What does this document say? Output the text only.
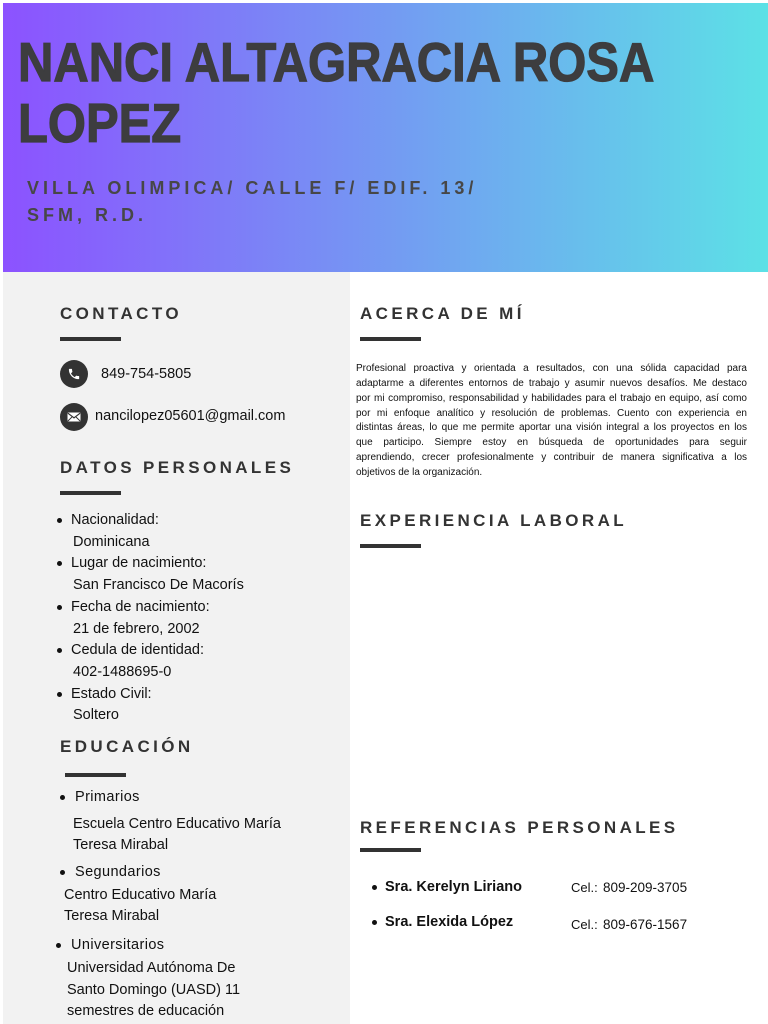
NANCI ALTAGRACIA ROSA LOPEZ
VILLA OLIMPICA/ CALLE F/ EDIF. 13/
SFM, R.D.
CONTACTO
849-754-5805
nancilopez05601@gmail.com
DATOS PERSONALES
Nacionalidad:
Dominicana
Lugar de nacimiento:
San Francisco De Macorís
Fecha de nacimiento:
21 de febrero, 2002
Cedula de identidad:
402-1488695-0
Estado Civil:
Soltero
EDUCACIÓN
Primarios
Escuela Centro Educativo María
Teresa Mirabal
Segundarios
Centro Educativo María
Teresa Mirabal
Universitarios
Universidad Autónoma De
Santo Domingo (UASD) 11
semestres de educación
ACERCA DE MÍ
Profesional proactiva y orientada a resultados, con una sólida capacidad para
adaptarme a diferentes entornos de trabajo y asumir nuevos desafíos. Me destaco
por mi compromiso, responsabilidad y habilidades para el trabajo en equipo, así como
por mi enfoque analítico y resolución de problemas. Cuento con experiencia en
distintas áreas, lo que me permite aportar una visión integral a los proyectos en los
que participo. Siempre estoy en búsqueda de oportunidades para seguir
aprendiendo, crecer profesionalmente y contribuir de manera significativa a los
objetivos de la organización.
EXPERIENCIA LABORAL
REFERENCIAS PERSONALES
Sra. Kerelyn Liriano	Cel.: 809-209-3705
Sra. Elexida López	Cel.: 809-676-1567
